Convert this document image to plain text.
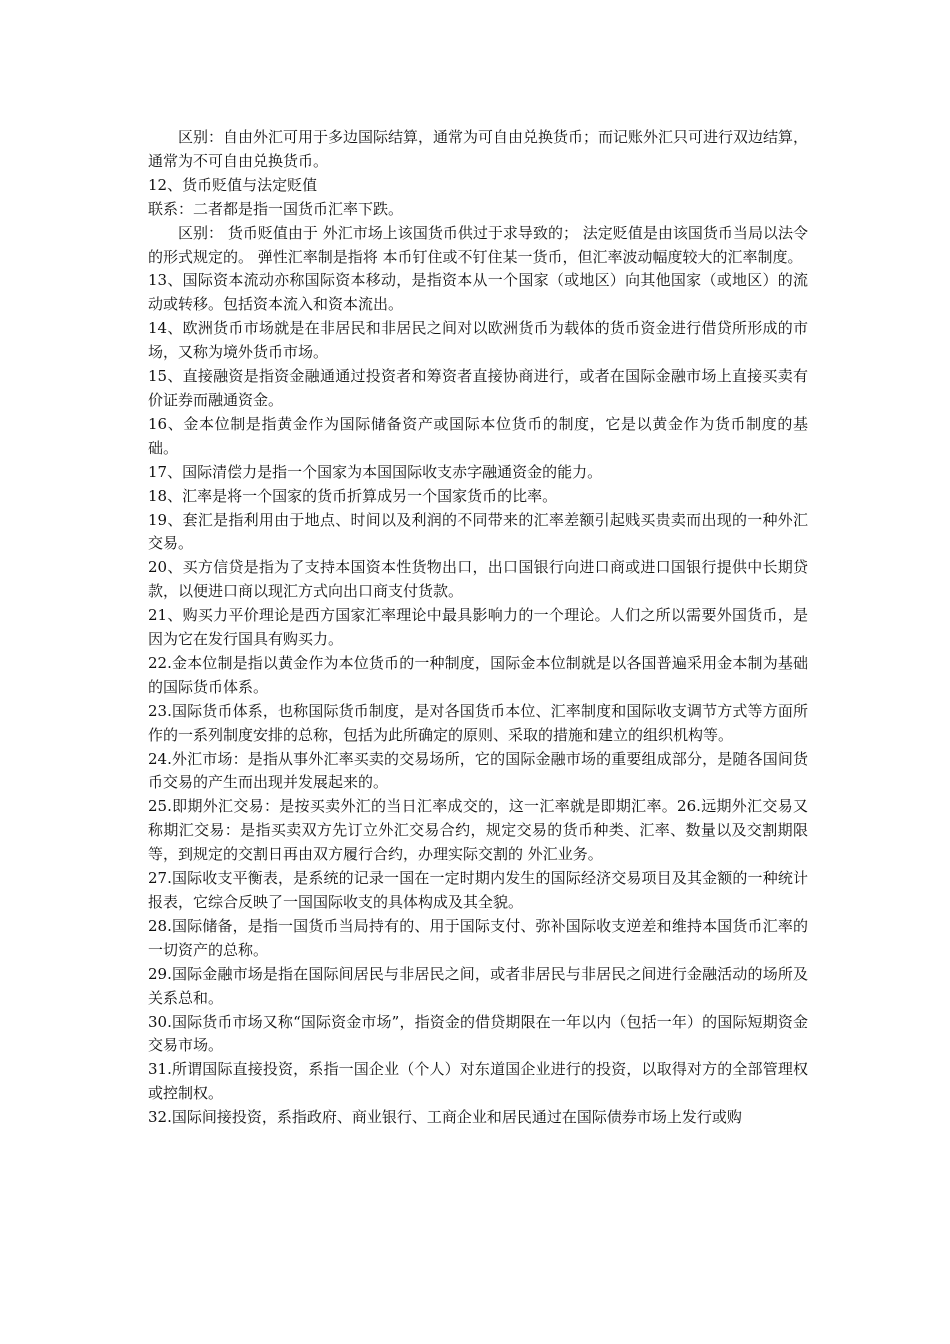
区别：自由外汇可用于多边国际结算，通常为可自由兑换货币；而记账外汇只可进行双边结算，通常为不可自由兑换货币。

12、货币贬值与法定贬值

联系：二者都是指一国货币汇率下跌。

区别： 货币贬值由于 外汇市场上该国货币供过于求导致的； 法定贬值是由该国货币当局以法令的形式规定的。 弹性汇率制是指将 本币钉住或不钉住某一货币，但汇率波动幅度较大的汇率制度。

13、国际资本流动亦称国际资本移动，是指资本从一个国家（或地区）向其他国家（或地区）的流动或转移。包括资本流入和资本流出。

14、欧洲货币市场就是在非居民和非居民之间对以欧洲货币为载体的货币资金进行借贷所形成的市场，又称为境外货币市场。

15、直接融资是指资金融通通过投资者和筹资者直接协商进行，或者在国际金融市场上直接买卖有价证券而融通资金。

16、金本位制是指黄金作为国际储备资产或国际本位货币的制度，它是以黄金作为货币制度的基础。

17、国际清偿力是指一个国家为本国国际收支赤字融通资金的能力。

18、汇率是将一个国家的货币折算成另一个国家货币的比率。

19、套汇是指利用由于地点、时间以及利润的不同带来的汇率差额引起贱买贵卖而出现的一种外汇交易。

20、买方信贷是指为了支持本国资本性货物出口，出口国银行向进口商或进口国银行提供中长期贷款，以便进口商以现汇方式向出口商支付货款。

21、购买力平价理论是西方国家汇率理论中最具影响力的一个理论。人们之所以需要外国货币，是因为它在发行国具有购买力。

22.金本位制是指以黄金作为本位货币的一种制度，国际金本位制就是以各国普遍采用金本制为基础的国际货币体系。

23.国际货币体系，也称国际货币制度，是对各国货币本位、汇率制度和国际收支调节方式等方面所作的一系列制度安排的总称，包括为此所确定的原则、采取的措施和建立的组织机构等。

24.外汇市场：是指从事外汇率买卖的交易场所，它的国际金融市场的重要组成部分，是随各国间货币交易的产生而出现并发展起来的。

25.即期外汇交易：是按买卖外汇的当日汇率成交的，这一汇率就是即期汇率。26.远期外汇交易又称期汇交易：是指买卖双方先订立外汇交易合约，规定交易的货币种类、汇率、数量以及交割期限等，到规定的交割日再由双方履行合约，办理实际交割的 外汇业务。

27.国际收支平衡表，是系统的记录一国在一定时期内发生的国际经济交易项目及其金额的一种统计报表，它综合反映了一国国际收支的具体构成及其全貌。

28.国际储备，是指一国货币当局持有的、用于国际支付、弥补国际收支逆差和维持本国货币汇率的一切资产的总称。

29.国际金融市场是指在国际间居民与非居民之间，或者非居民与非居民之间进行金融活动的场所及关系总和。

30.国际货币市场又称“国际资金市场”，指资金的借贷期限在一年以内（包括一年）的国际短期资金交易市场。

31.所谓国际直接投资，系指一国企业（个人）对东道国企业进行的投资，以取得对方的全部管理权或控制权。

32.国际间接投资，系指政府、商业银行、工商企业和居民通过在国际债券市场上发行或购
